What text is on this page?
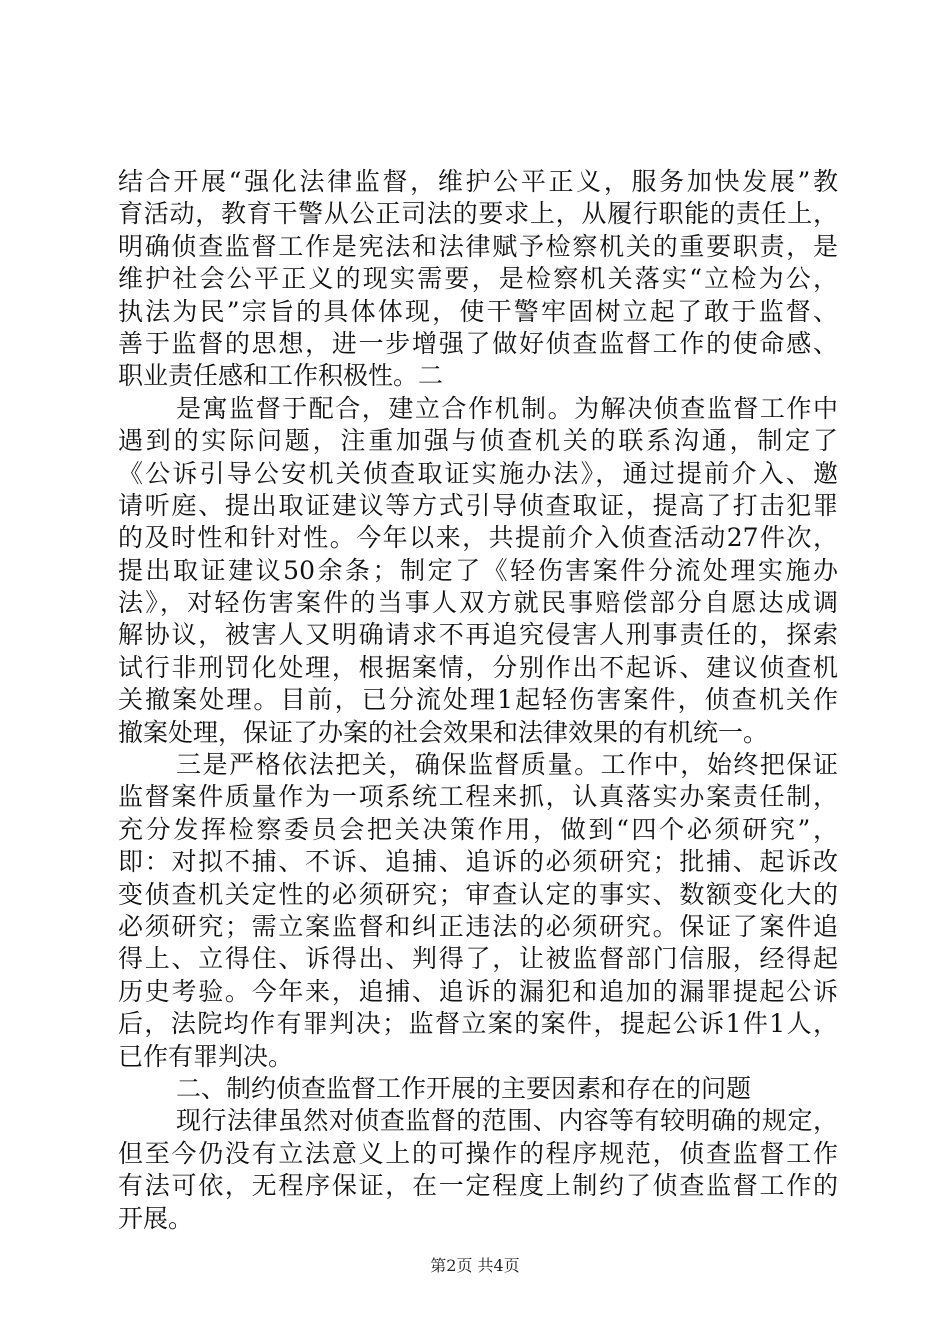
结合开展“强化法律监督，维护公平正义，服务加快发展”教
育活动，教育干警从公正司法的要求上，从履行职能的责任上，
明确侦查监督工作是宪法和法律赋予检察机关的重要职责，是
维护社会公平正义的现实需要，是检察机关落实“立检为公，
执法为民”宗旨的具体体现，使干警牢固树立起了敢于监督、
善于监督的思想，进一步增强了做好侦查监督工作的使命感、
职业责任感和工作积极性。二
是寓监督于配合，建立合作机制。为解决侦查监督工作中
遇到的实际问题，注重加强与侦查机关的联系沟通，制定了
《公诉引导公安机关侦查取证实施办法》，通过提前介入、邀
请听庭、提出取证建议等方式引导侦查取证，提高了打击犯罪
的及时性和针对性。今年以来，共提前介入侦查活动27件次，
提出取证建议50余条；制定了《轻伤害案件分流处理实施办
法》，对轻伤害案件的当事人双方就民事赔偿部分自愿达成调
解协议，被害人又明确请求不再追究侵害人刑事责任的，探索
试行非刑罚化处理，根据案情，分别作出不起诉、建议侦查机
关撤案处理。目前，已分流处理1起轻伤害案件，侦查机关作
撤案处理，保证了办案的社会效果和法律效果的有机统一。
三是严格依法把关，确保监督质量。工作中，始终把保证
监督案件质量作为一项系统工程来抓，认真落实办案责任制，
充分发挥检察委员会把关决策作用，做到“四个必须研究”，
即：对拟不捕、不诉、追捕、追诉的必须研究；批捕、起诉改
变侦查机关定性的必须研究；审查认定的事实、数额变化大的
必须研究；需立案监督和纠正违法的必须研究。保证了案件追
得上、立得住、诉得出、判得了，让被监督部门信服，经得起
历史考验。今年来，追捕、追诉的漏犯和追加的漏罪提起公诉
后，法院均作有罪判决；监督立案的案件，提起公诉1件1人，
已作有罪判决。
二、制约侦查监督工作开展的主要因素和存在的问题
现行法律虽然对侦查监督的范围、内容等有较明确的规定，
但至今仍没有立法意义上的可操作的程序规范，侦查监督工作
有法可依，无程序保证，在一定程度上制约了侦查监督工作的
开展。
第2页 共4页
